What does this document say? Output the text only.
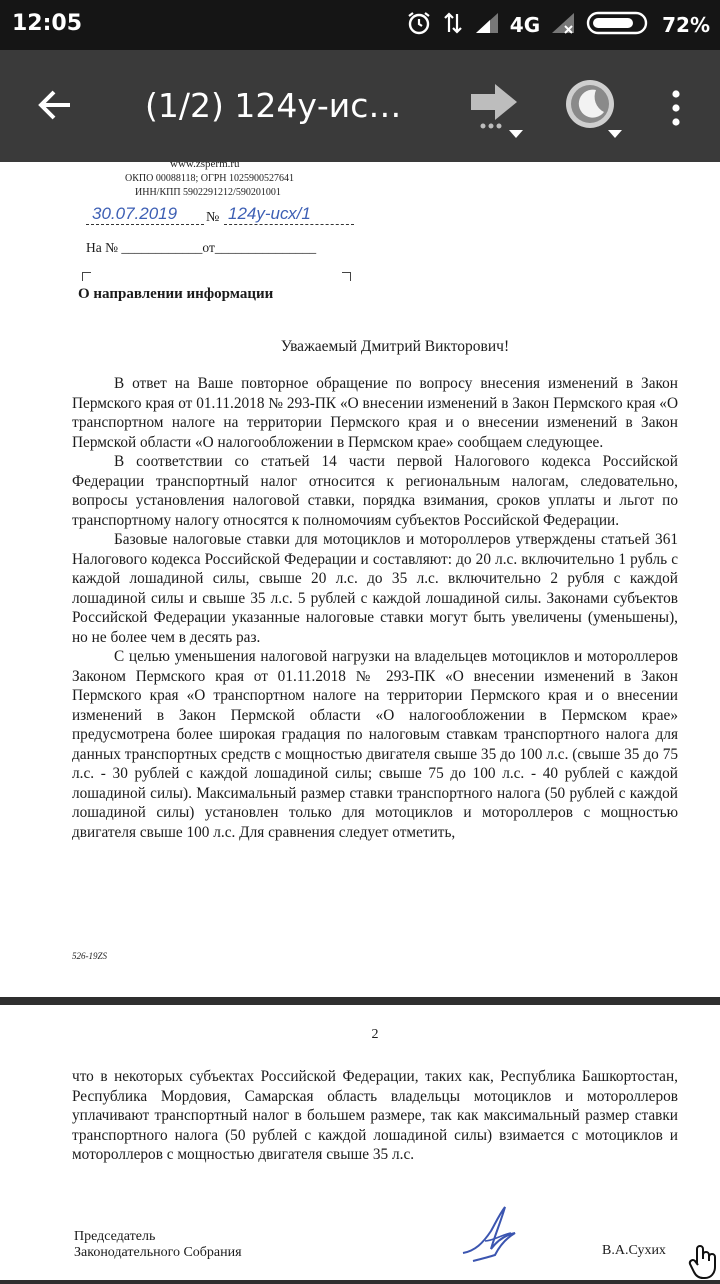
12:05	4G	72%
(1/2) 124у-ис…
www.zsperm.ru
ОКПО 00088118; ОГРН 1025900527641
ИНН/КПП 5902291212/590201001
30.07.2019 № 124у-исх/1
На № ____________от_______________
О направлении информации
Уважаемый Дмитрий Викторович!

В ответ на Ваше повторное обращение по вопросу внесения изменений в Закон Пермского края от 01.11.2018 № 293-ПК «О внесении изменений в Закон Пермского края «О транспортном налоге на территории Пермского края и о внесении изменений в Закон Пермской области «О налогообложении в Пермском крае» сообщаем следующее.

В соответствии со статьей 14 части первой Налогового кодекса Российской Федерации транспортный налог относится к региональным налогам, следовательно, вопросы установления налоговой ставки, порядка взимания, сроков уплаты и льгот по транспортному налогу относятся к полномочиям субъектов Российской Федерации.

Базовые налоговые ставки для мотоциклов и мотороллеров утверждены статьей 361 Налогового кодекса Российской Федерации и составляют: до 20 л.с. включительно 1 рубль с каждой лошадиной силы, свыше 20 л.с. до 35 л.с. включительно 2 рубля с каждой лошадиной силы и свыше 35 л.с. 5 рублей с каждой лошадиной силы. Законами субъектов Российской Федерации указанные налоговые ставки могут быть увеличены (уменьшены), но не более чем в десять раз.

С целью уменьшения налоговой нагрузки на владельцев мотоциклов и мотороллеров Законом Пермского края от 01.11.2018 № 293-ПК «О внесении изменений в Закон Пермского края «О транспортном налоге на территории Пермского края и о внесении изменений в Закон Пермской области «О налогообложении в Пермском крае» предусмотрена более широкая градация по налоговым ставкам транспортного налога для данных транспортных средств с мощностью двигателя свыше 35 до 100 л.с. (свыше 35 до 75 л.с. - 30 рублей с каждой лошадиной силы; свыше 75 до 100 л.с. - 40 рублей с каждой лошадиной силы). Максимальный размер ставки транспортного налога (50 рублей с каждой лошадиной силы) установлен только для мотоциклов и мотороллеров с мощностью двигателя свыше 100 л.с. Для сравнения следует отметить,

526-19ZS
2

что в некоторых субъектах Российской Федерации, таких как, Республика Башкортостан, Республика Мордовия, Самарская область владельцы мотоциклов и мотороллеров уплачивают транспортный налог в большем размере, так как максимальный размер ставки транспортного налога (50 рублей с каждой лошадиной силы) взимается с мотоциклов и мотороллеров с мощностью двигателя свыше 35 л.с.

Председатель
Законодательного Собрания	В.А.Сухих
